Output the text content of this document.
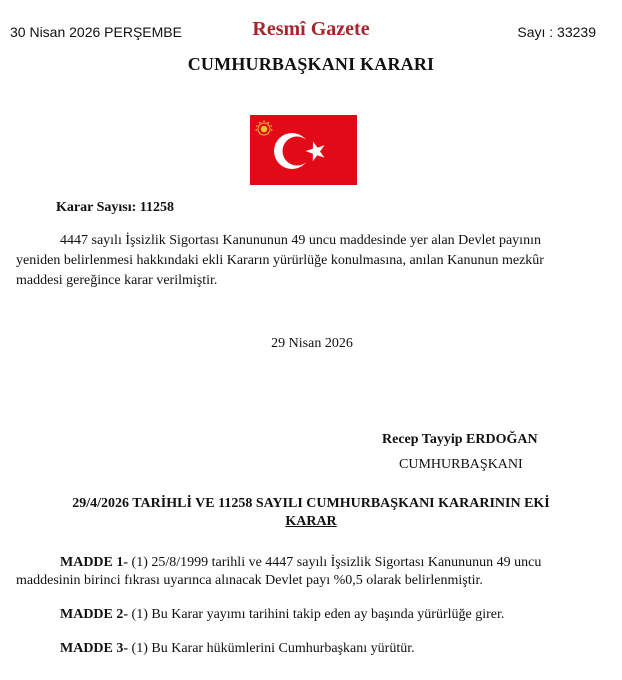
30 Nisan 2026 PERŞEMBE	Resmî Gazete	Sayı : 33239
CUMHURBAŞKANI KARARI
Karar Sayısı: 11258

4447 sayılı İşsizlik Sigortası Kanununun 49 uncu maddesinde yer alan Devlet payının

yeniden belirlenmesi hakkındaki ekli Kararın yürürlüğe konulmasına, anılan Kanunun mezkûr

maddesi gereğince karar verilmiştir.

29 Nisan 2026
Recep Tayyip ERDOĞAN
CUMHURBAŞKANI
29/4/2026 TARİHLİ VE 11258 SAYILI CUMHURBAŞKANI KARARININ EKİ
KARAR

MADDE 1- (1) 25/8/1999 tarihli ve 4447 sayılı İşsizlik Sigortası Kanununun 49 uncu

maddesinin birinci fıkrası uyarınca alınacak Devlet payı %0,5 olarak belirlenmiştir.

MADDE 2- (1) Bu Karar yayımı tarihini takip eden ay başında yürürlüğe girer.

MADDE 3- (1) Bu Karar hükümlerini Cumhurbaşkanı yürütür.
